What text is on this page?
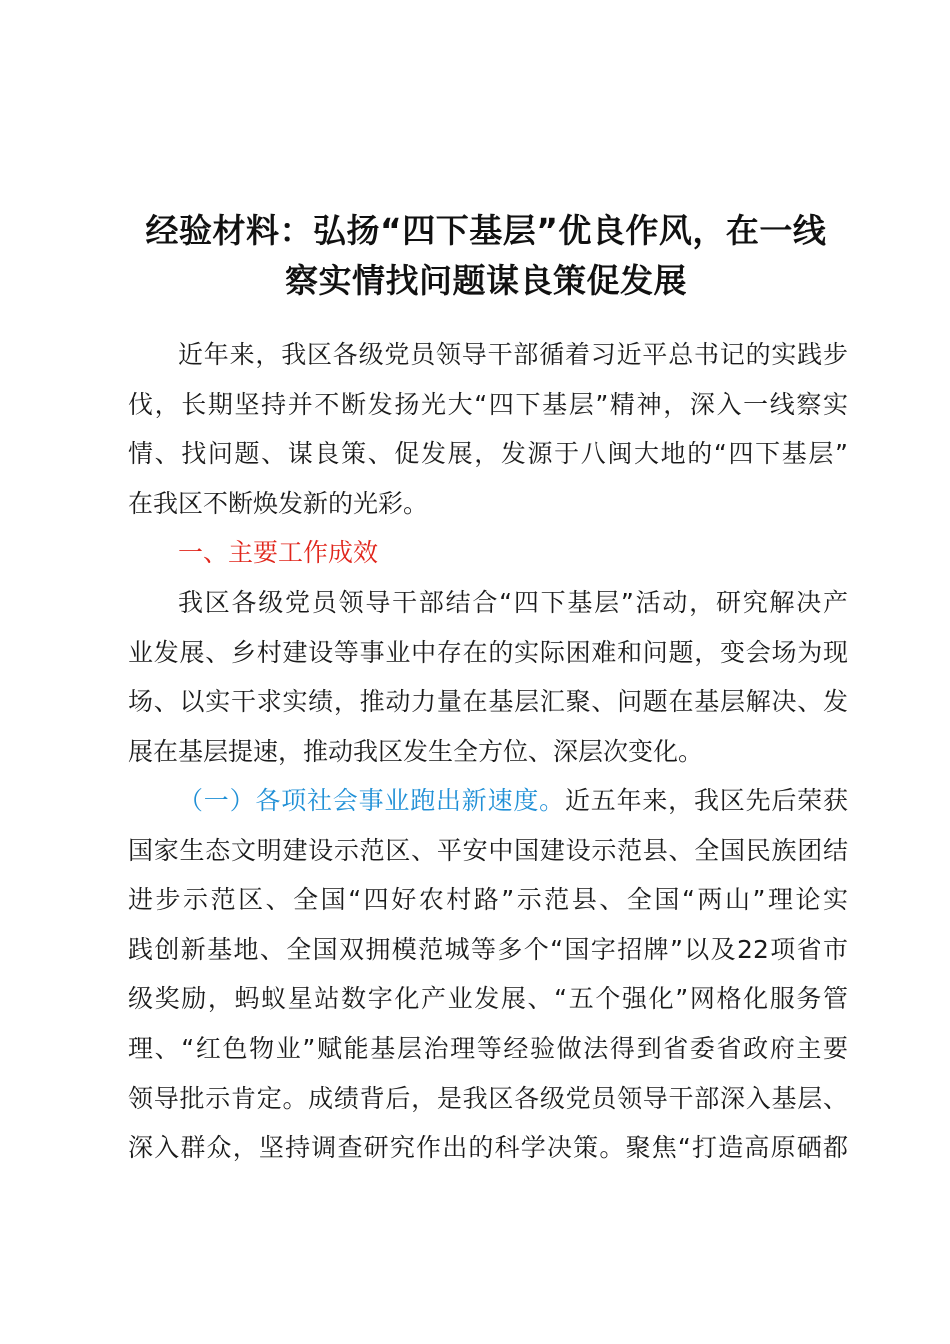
经验材料：弘扬“四下基层”优良作风，在一线
察实情找问题谋良策促发展
近年来，我区各级党员领导干部循着习近平总书记的实践步
伐，长期坚持并不断发扬光大“四下基层”精神，深入一线察实
情、找问题、谋良策、促发展，发源于八闽大地的“四下基层”
在我区不断焕发新的光彩。
一、主要工作成效
我区各级党员领导干部结合“四下基层”活动，研究解决产
业发展、乡村建设等事业中存在的实际困难和问题，变会场为现
场、以实干求实绩，推动力量在基层汇聚、问题在基层解决、发
展在基层提速，推动我区发生全方位、深层次变化。
（一）各项社会事业跑出新速度。近五年来，我区先后荣获
国家生态文明建设示范区、平安中国建设示范县、全国民族团结
进步示范区、全国“四好农村路”示范县、全国“两山”理论实
践创新基地、全国双拥模范城等多个“国字招牌”以及22项省市
级奖励，蚂蚁星站数字化产业发展、“五个强化”网格化服务管
理、“红色物业”赋能基层治理等经验做法得到省委省政府主要
领导批示肯定。成绩背后，是我区各级党员领导干部深入基层、
深入群众，坚持调查研究作出的科学决策。聚焦“打造高原硒都
